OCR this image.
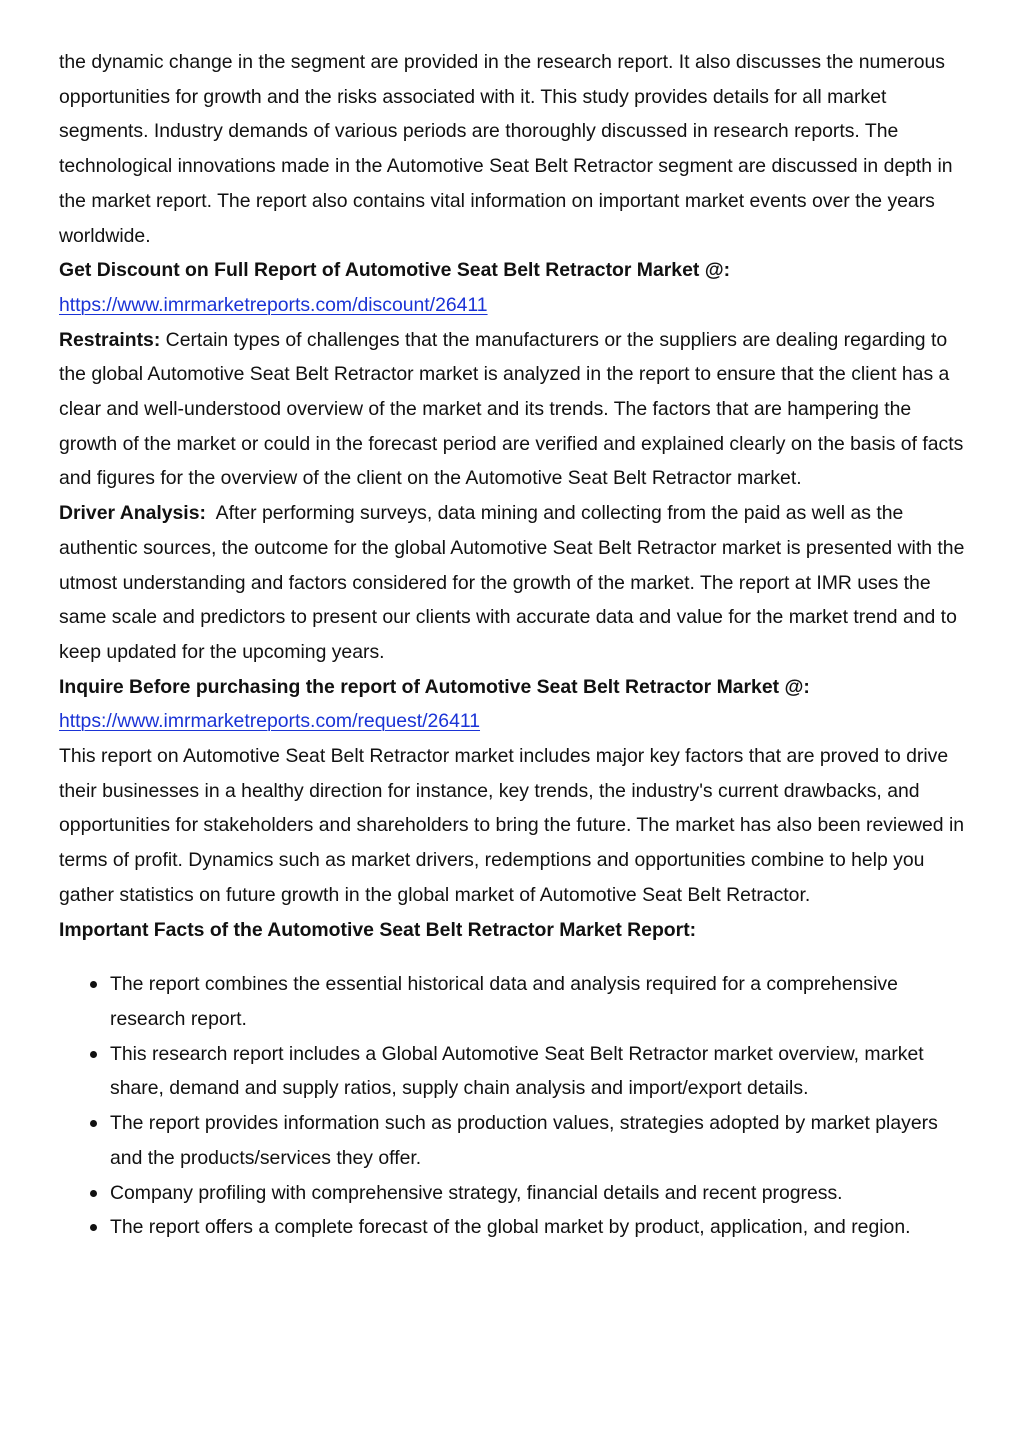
the dynamic change in the segment are provided in the research report. It also discusses the numerous opportunities for growth and the risks associated with it. This study provides details for all market segments. Industry demands of various periods are thoroughly discussed in research reports. The technological innovations made in the Automotive Seat Belt Retractor segment are discussed in depth in the market report. The report also contains vital information on important market events over the years worldwide.

Get Discount on Full Report of Automotive Seat Belt Retractor Market @:

https://www.imrmarketreports.com/discount/26411

Restraints: Certain types of challenges that the manufacturers or the suppliers are dealing regarding to the global Automotive Seat Belt Retractor market is analyzed in the report to ensure that the client has a clear and well-understood overview of the market and its trends. The factors that are hampering the growth of the market or could in the forecast period are verified and explained clearly on the basis of facts and figures for the overview of the client on the Automotive Seat Belt Retractor market.

Driver Analysis:  After performing surveys, data mining and collecting from the paid as well as the authentic sources, the outcome for the global Automotive Seat Belt Retractor market is presented with the utmost understanding and factors considered for the growth of the market. The report at IMR uses the same scale and predictors to present our clients with accurate data and value for the market trend and to keep updated for the upcoming years.

Inquire Before purchasing the report of Automotive Seat Belt Retractor Market @:

https://www.imrmarketreports.com/request/26411

This report on Automotive Seat Belt Retractor market includes major key factors that are proved to drive their businesses in a healthy direction for instance, key trends, the industry's current drawbacks, and opportunities for stakeholders and shareholders to bring the future. The market has also been reviewed in terms of profit. Dynamics such as market drivers, redemptions and opportunities combine to help you gather statistics on future growth in the global market of Automotive Seat Belt Retractor.

Important Facts of the Automotive Seat Belt Retractor Market Report:

The report combines the essential historical data and analysis required for a comprehensive research report.
This research report includes a Global Automotive Seat Belt Retractor market overview, market share, demand and supply ratios, supply chain analysis and import/export details.
The report provides information such as production values, strategies adopted by market players and the products/services they offer.
Company profiling with comprehensive strategy, financial details and recent progress.
The report offers a complete forecast of the global market by product, application, and region.
